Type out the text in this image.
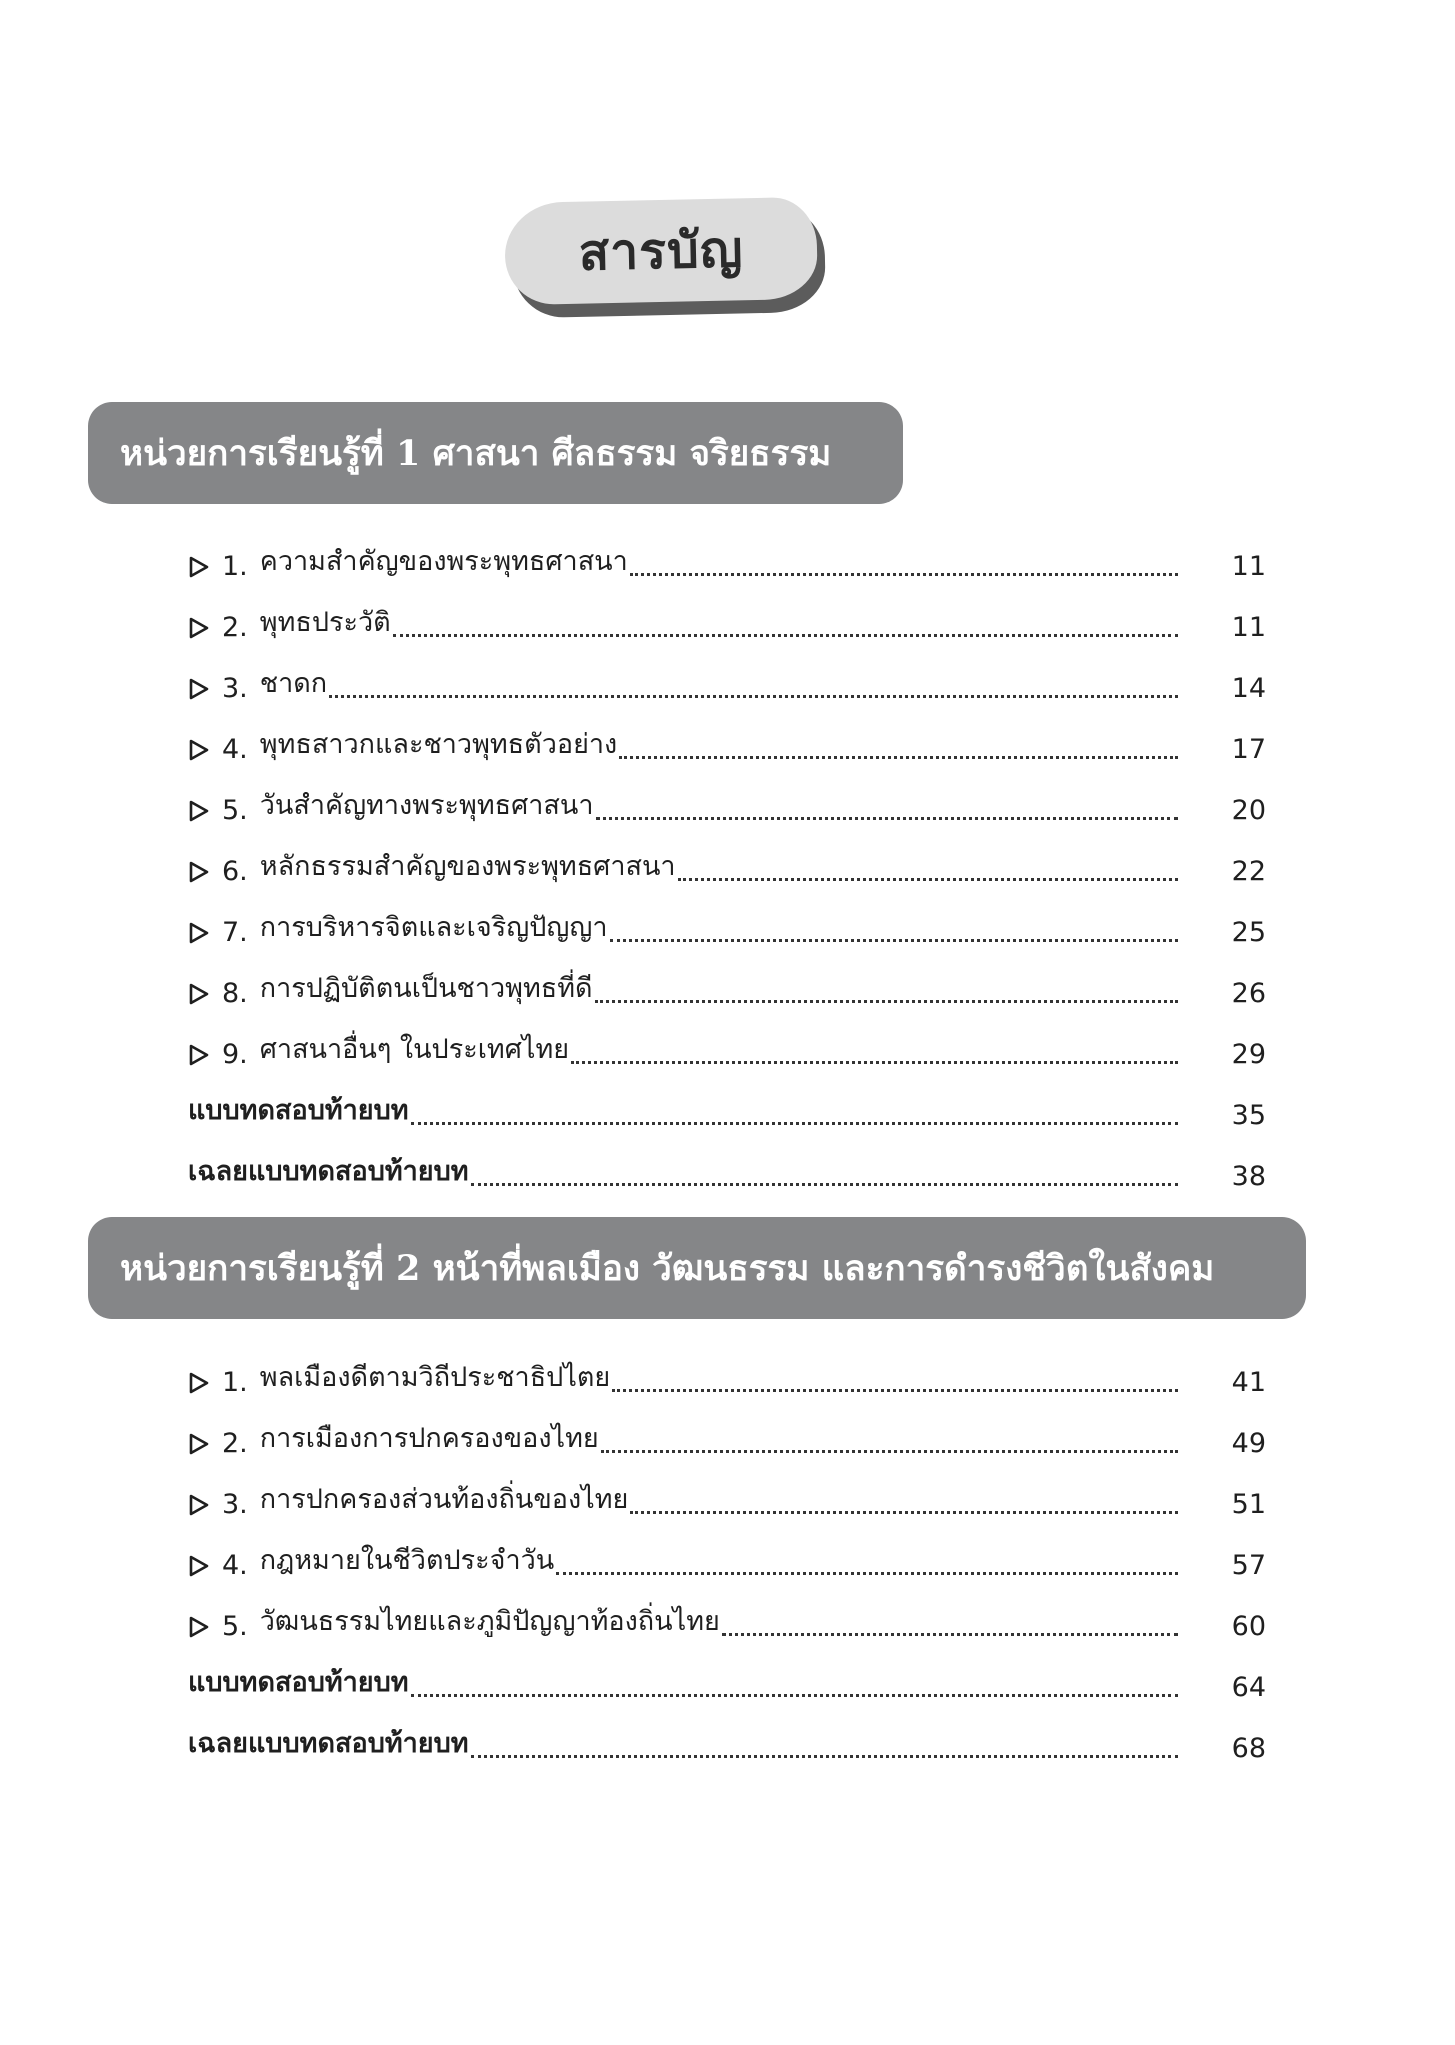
สารบัญ
หน่วยการเรียนรู้ที่ 1 ศาสนา ศีลธรรม จริยธรรม
1. ความสำคัญของพระพุทธศาสนา	11
2. พุทธประวัติ	11
3. ชาดก	14
4. พุทธสาวกและชาวพุทธตัวอย่าง	17
5. วันสำคัญทางพระพุทธศาสนา	20
6. หลักธรรมสำคัญของพระพุทธศาสนา	22
7. การบริหารจิตและเจริญปัญญา	25
8. การปฏิบัติตนเป็นชาวพุทธที่ดี	26
9. ศาสนาอื่นๆ ในประเทศไทย	29
แบบทดสอบท้ายบท	35
เฉลยแบบทดสอบท้ายบท	38
หน่วยการเรียนรู้ที่ 2 หน้าที่พลเมือง วัฒนธรรม และการดำรงชีวิตในสังคม
1. พลเมืองดีตามวิถีประชาธิปไตย	41
2. การเมืองการปกครองของไทย	49
3. การปกครองส่วนท้องถิ่นของไทย	51
4. กฎหมายในชีวิตประจำวัน	57
5. วัฒนธรรมไทยและภูมิปัญญาท้องถิ่นไทย	60
แบบทดสอบท้ายบท	64
เฉลยแบบทดสอบท้ายบท	68
